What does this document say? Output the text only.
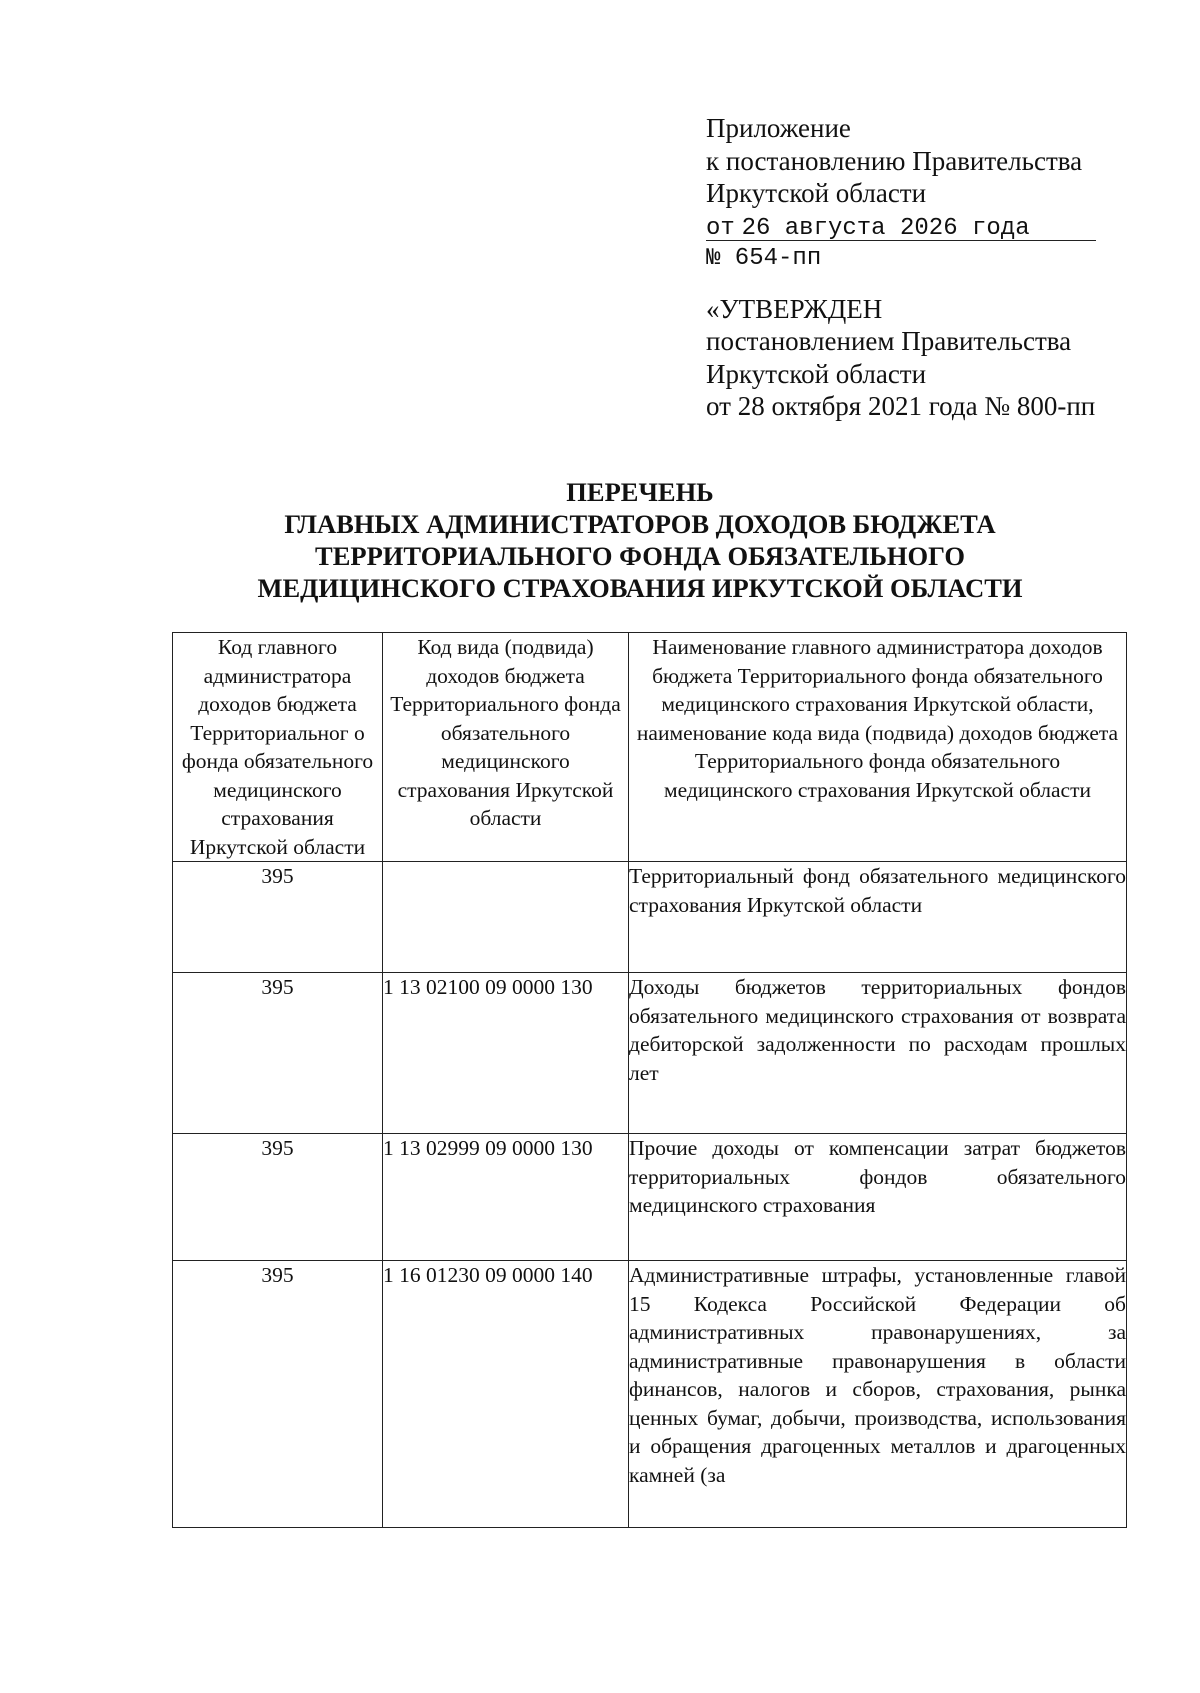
Приложение
к постановлению Правительства
Иркутской области
от 26 августа 2026 года
№ 654-пп
«УТВЕРЖДЕН
постановлением Правительства
Иркутской области
от 28 октября 2021 года № 800-пп
ПЕРЕЧЕНЬ
ГЛАВНЫХ АДМИНИСТРАТОРОВ ДОХОДОВ БЮДЖЕТА
ТЕРРИТОРИАЛЬНОГО ФОНДА ОБЯЗАТЕЛЬНОГО
МЕДИЦИНСКОГО СТРАХОВАНИЯ ИРКУТСКОЙ ОБЛАСТИ
Код главного администратора доходов бюджета Территориальног о фонда обязательного медицинского страхования Иркутской области	Код вида (подвида) доходов бюджета Территориального фонда обязательного медицинского страхования Иркутской области	Наименование главного администратора доходов бюджета Территориального фонда обязательного медицинского страхования Иркутской области, наименование кода вида (подвида) доходов бюджета Территориального фонда обязательного медицинского страхования Иркутской области
395		Территориальный фонд обязательного медицинского страхования Иркутской области
395	1 13 02100 09 0000 130	Доходы бюджетов территориальных фондов обязательного медицинского страхования от возврата дебиторской задолженности по расходам прошлых лет
395	1 13 02999 09 0000 130	Прочие доходы от компенсации затрат бюджетов территориальных фондов обязательного медицинского страхования
395	1 16 01230 09 0000 140	Административные штрафы, установленные главой 15 Кодекса Российской Федерации об административных правонарушениях, за административные правонарушения в области финансов, налогов и сборов, страхования, рынка ценных бумаг, добычи, производства, использования и обращения драгоценных металлов и драгоценных камней (за
